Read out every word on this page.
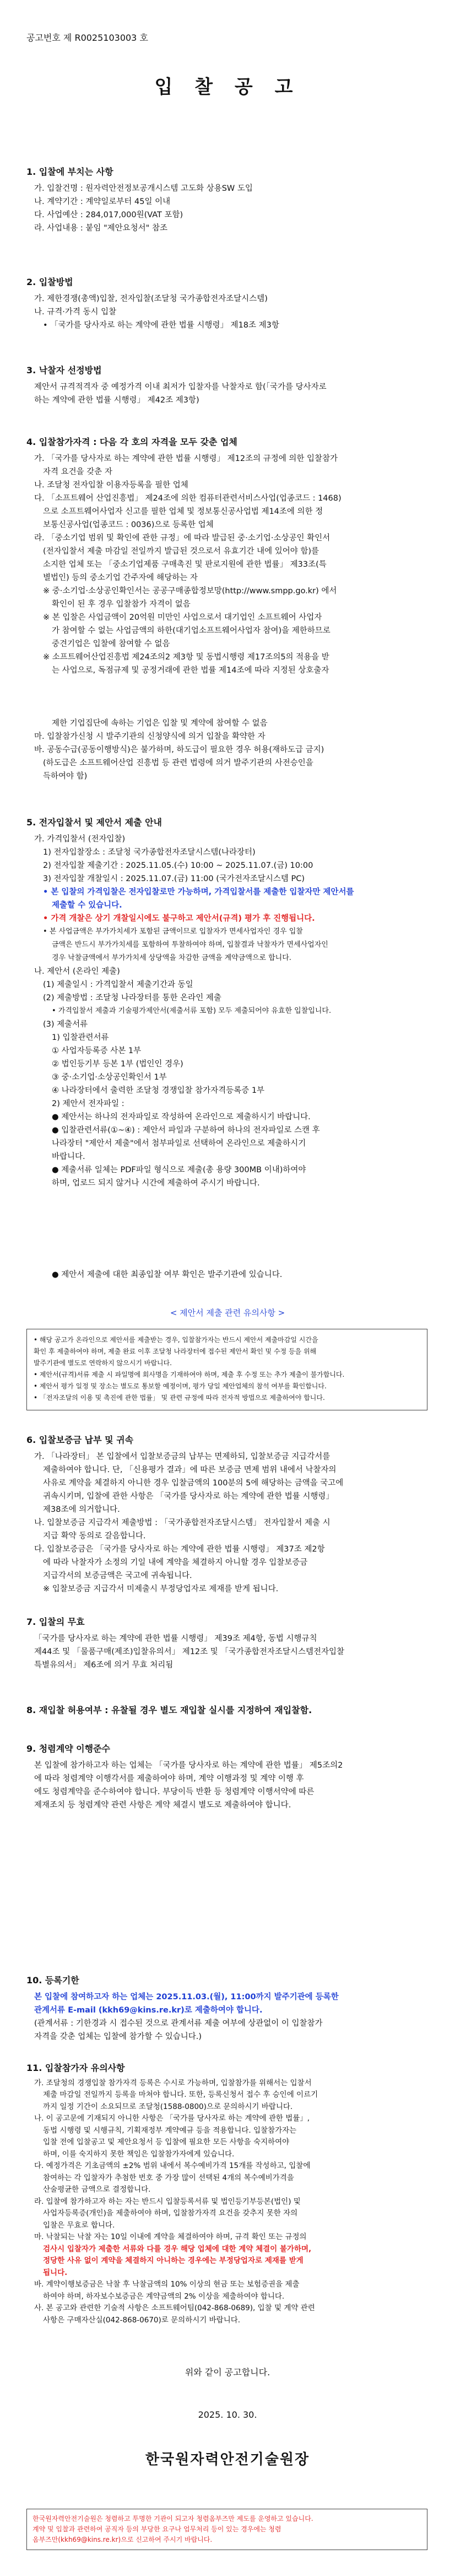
공고번호 제 R0025103003 호
입 찰 공 고
1. 입찰에 부치는 사항

가. 입찰건명 : 원자력안전정보공개시스템 고도화 상용SW 도입

나. 계약기간 : 계약일로부터 45일 이내

다. 사업예산 : 284,017,000원(VAT 포함)

라. 사업내용 : 붙임 "제안요청서" 참조

2. 입찰방법

가. 제한경쟁(총액)입찰, 전자입찰(조달청 국가종합전자조달시스템)

나. 규격·가격 동시 입찰

• 「국가를 당사자로 하는 계약에 관한 법률 시행령」 제18조 제3항

3. 낙찰자 선정방법

제안서 규격적격자 중 예정가격 이내 최저가 입찰자를 낙찰자로 함(「국가를 당사자로

하는 계약에 관한 법률 시행령」 제42조 제3항)

4. 입찰참가자격 : 다음 각 호의 자격을 모두 갖춘 업체

가. 「국가를 당사자로 하는 계약에 관한 법률 시행령」 제12조의 규정에 의한 입찰참가

자격 요건을 갖춘 자

나. 조달청 전자입찰 이용자등록을 필한 업체

다. 「소프트웨어 산업진흥법」 제24조에 의한 컴퓨터관련서비스사업(업종코드 : 1468)

으로 소프트웨어사업자 신고를 필한 업체 및 정보통신공사업법 제14조에 의한 정

보통신공사업(업종코드 : 0036)으로 등록한 업체

라. 「중소기업 범위 및 확인에 관한 규정」에 따라 발급된 중·소기업·소상공인 확인서

(전자입찰서 제출 마감일 전일까지 발급된 것으로서 유효기간 내에 있어야 함)를

소지한 업체 또는 「중소기업제품 구매촉진 및 판로지원에 관한 법률」 제33조(특

별법인) 등의 중소기업 간주자에 해당하는 자

※ 중·소기업·소상공인확인서는 공공구매종합정보망(http://www.smpp.go.kr) 에서

확인이 된 후 경우 입찰참가 자격이 없음

※ 본 입찰은 사업금액이 20억원 미만인 사업으로서 대기업인 소프트웨어 사업자

가 참여할 수 없는 사업금액의 하한(대기업소프트웨어사업자 참여)을 제한하므로

중견기업은 입찰에 참여할 수 없음

※ 소프트웨어산업진흥법 제24조의2 제3항 및 동법시행령 제17조의5의 적용을 받

는 사업으로, 독점규제 및 공정거래에 관한 법률 제14조에 따라 지정된 상호출자

제한 기업집단에 속하는 기업은 입찰 및 계약에 참여할 수 없음

마. 입찰참가신청 시 발주기관의 신청양식에 의거 입찰을 확약한 자

바. 공동수급(공동이행방식)은 불가하며, 하도급이 필요한 경우 허용(재하도급 금지)

(하도급은 소프트웨어산업 진흥법 등 관련 법령에 의거 발주기관의 사전승인을

득하여야 함)

5. 전자입찰서 및 제안서 제출 안내

가. 가격입찰서 (전자입찰)

1) 전자입찰장소 : 조달청 국가종합전자조달시스템(나라장터)

2) 전자입찰 제출기간 : 2025.11.05.(수) 10:00 ~ 2025.11.07.(금) 10:00

3) 전자입찰 개찰일시 : 2025.11.07.(금) 11:00 (국가전자조달시스템 PC)

• 본 입찰의 가격입찰은 전자입찰로만 가능하며, 가격입찰서를 제출한 입찰자만 제안서를

제출할 수 있습니다.

• 가격 개찰은 상기 개찰일시에도 불구하고 제안서(규격) 평가 후 진행됩니다.

• 본 사업금액은 부가가치세가 포함된 금액이므로 입찰자가 면세사업자인 경우 입찰

금액은 반드시 부가가치세를 포함하여 투찰하여야 하며, 입찰결과 낙찰자가 면세사업자인

경우 낙찰금액에서 부가가치세 상당액을 차감한 금액을 계약금액으로 합니다.

나. 제안서 (온라인 제출)

(1) 제출일시 : 가격입찰서 제출기간과 동일

(2) 제출방법 : 조달청 나라장터를 통한 온라인 제출

• 가격입찰서 제출과 기술평가제안서(제출서류 포함) 모두 제출되어야 유효한 입찰입니다.

(3) 제출서류

1) 입찰관련서류

① 사업자등록증 사본 1부

② 법인등기부 등본 1부 (법인인 경우)

③ 중·소기업·소상공인확인서 1부

④ 나라장터에서 출력한 조달청 경쟁입찰 참가자격등록증 1부

2) 제안서 전자파일 :

● 제안서는 하나의 전자파일로 작성하여 온라인으로 제출하시기 바랍니다.

● 입찰관련서류(①~④) : 제안서 파일과 구분하여 하나의 전자파일로 스캔 후

나라장터 "제안서 제출"에서 첨부파일로 선택하여 온라인으로 제출하시기

바랍니다.

● 제출서류 일체는 PDF파일 형식으로 제출(총 용량 300MB 이내)하여야

하며, 업로드 되지 않거나 시간에 제출하여 주시기 바랍니다.

● 제안서 제출에 대한 최종입찰 여부 확인은 발주기관에 있습니다.

< 제안서 제출 관련 유의사항 >

• 해당 공고가 온라인으로 제안서를 제출받는 경우, 입찰참가자는 반드시 제안서 제출마감일 시간을

확인 후 제출하여야 하며, 제출 완료 이후 조달청 나라장터에 접수된 제안서 확인 및 수정 등을 위해

발주기관에 별도로 연락하지 않으시기 바랍니다.

• 제안서(규격)서류 제출 시 파일명에 회사명을 기재하여야 하며, 제출 후 수정 또는 추가 제출이 불가합니다.

• 제안서 평가 일정 및 장소는 별도로 통보할 예정이며, 평가 당일 제안업체의 참석 여부를 확인합니다.

• 「전자조달의 이용 및 촉진에 관한 법률」 및 관련 규정에 따라 전자적 방법으로 제출하여야 합니다.

6. 입찰보증금 납부 및 귀속

가. 「나라장터」 본 입찰에서 입찰보증금의 납부는 면제하되, 입찰보증금 지급각서를

제출하여야 합니다. 단, 「신용평가 결과」에 따른 보증금 면제 범위 내에서 낙찰자의

사유로 계약을 체결하지 아니한 경우 입찰금액의 100분의 5에 해당하는 금액을 국고에

귀속시키며, 입찰에 관한 사항은 「국가를 당사자로 하는 계약에 관한 법률 시행령」

제38조에 의거합니다.

나. 입찰보증금 지급각서 제출방법 : 「국가종합전자조달시스템」 전자입찰서 제출 시

지급 확약 동의로 갈음합니다.

다. 입찰보증금은 「국가를 당사자로 하는 계약에 관한 법률 시행령」 제37조 제2항

에 따라 낙찰자가 소정의 기일 내에 계약을 체결하지 아니할 경우 입찰보증금

지급각서의 보증금액은 국고에 귀속됩니다.

※ 입찰보증금 지급각서 미제출시 부정당업자로 제재를 받게 됩니다.

7. 입찰의 무효

「국가를 당사자로 하는 계약에 관한 법률 시행령」 제39조 제4항, 동법 시행규칙

제44조 및 「물품구매(제조)입찰유의서」 제12조 및 「국가종합전자조달시스템전자입찰

특별유의서」 제6조에 의거 무효 처리됨

8. 재입찰 허용여부 : 유찰될 경우 별도 재입찰 실시를 지정하여 재입찰함.
9. 청렴계약 이행준수

본 입찰에 참가하고자 하는 업체는 「국가를 당사자로 하는 계약에 관한 법률」 제5조의2

에 따라 청렴계약 이행각서를 제출하여야 하며, 계약 이행과정 및 계약 이행 후

에도 청렴계약을 준수하여야 합니다. 부당이득 반환 등 청렴계약 이행서약에 따른

제재조치 등 청렴계약 관련 사항은 계약 체결시 별도로 제출하여야 합니다.

10. 등록기한

본 입찰에 참여하고자 하는 업체는 2025.11.03.(월), 11:00까지 발주기관에 등록한

관계서류 E-mail (kkh69@kins.re.kr)로 제출하여야 합니다.

(관계서류 : 기한경과 시 접수된 것으로 관계서류 제출 여부에 상관없이 이 입찰참가

자격을 갖춘 업체는 입찰에 참가할 수 있습니다.)

11. 입찰참가자 유의사항

가. 조달청의 경쟁입찰 참가자격 등록은 수시로 가능하며, 입찰참가를 위해서는 입찰서

제출 마감일 전일까지 등록을 마쳐야 합니다. 또한, 등록신청서 접수 후 승인에 이르기

까지 일정 기간이 소요되므로 조달청(1588-0800)으로 문의하시기 바랍니다.

나. 이 공고문에 기재되지 아니한 사항은 「국가를 당사자로 하는 계약에 관한 법률」,

동법 시행령 및 시행규칙, 기획재정부 계약예규 등을 적용합니다. 입찰참가자는

입찰 전에 입찰공고 및 제안요청서 등 입찰에 필요한 모든 사항을 숙지하여야

하며, 이를 숙지하지 못한 책임은 입찰참가자에게 있습니다.

다. 예정가격은 기초금액의 ±2% 범위 내에서 복수예비가격 15개를 작성하고, 입찰에

참여하는 각 입찰자가 추첨한 번호 중 가장 많이 선택된 4개의 복수예비가격을

산술평균한 금액으로 결정합니다.

라. 입찰에 참가하고자 하는 자는 반드시 입찰등록서류 및 법인등기부등본(법인) 및

사업자등록증(개인)을 제출하여야 하며, 입찰참가자격 요건을 갖추지 못한 자의

입찰은 무효로 합니다.

마. 낙찰되는 낙찰 자는 10일 이내에 계약을 체결하여야 하며, 규격 확인 또는 규정의

검사시 입찰자가 제출한 서류와 다를 경우 해당 업체에 대한 계약 체결이 불가하며,

정당한 사유 없이 계약을 체결하지 아니하는 경우에는 부정당업자로 제재를 받게

됩니다.

바. 계약이행보증금은 낙찰 후 낙찰금액의 10% 이상의 현금 또는 보험증권을 제출

하여야 하며, 하자보수보증금은 계약금액의 2% 이상을 제출하여야 합니다.

사. 본 공고와 관련한 기술적 사항은 소프트웨어팀(042-868-0689), 입찰 및 계약 관련

사항은 구매자산실(042-868-0670)로 문의하시기 바랍니다.

위와 같이 공고합니다.
2025. 10. 30.
한국원자력안전기술원장
한국원자력안전기술원은 청렴하고 투명한 기관이 되고자 청렴옴부즈만 제도를 운영하고 있습니다.
계약 및 입찰과 관련하여 공직자 등의 부당한 요구나 업무처리 등이 있는 경우에는 청렴
옴부즈만(kkh69@kins.re.kr)으로 신고하여 주시기 바랍니다.
